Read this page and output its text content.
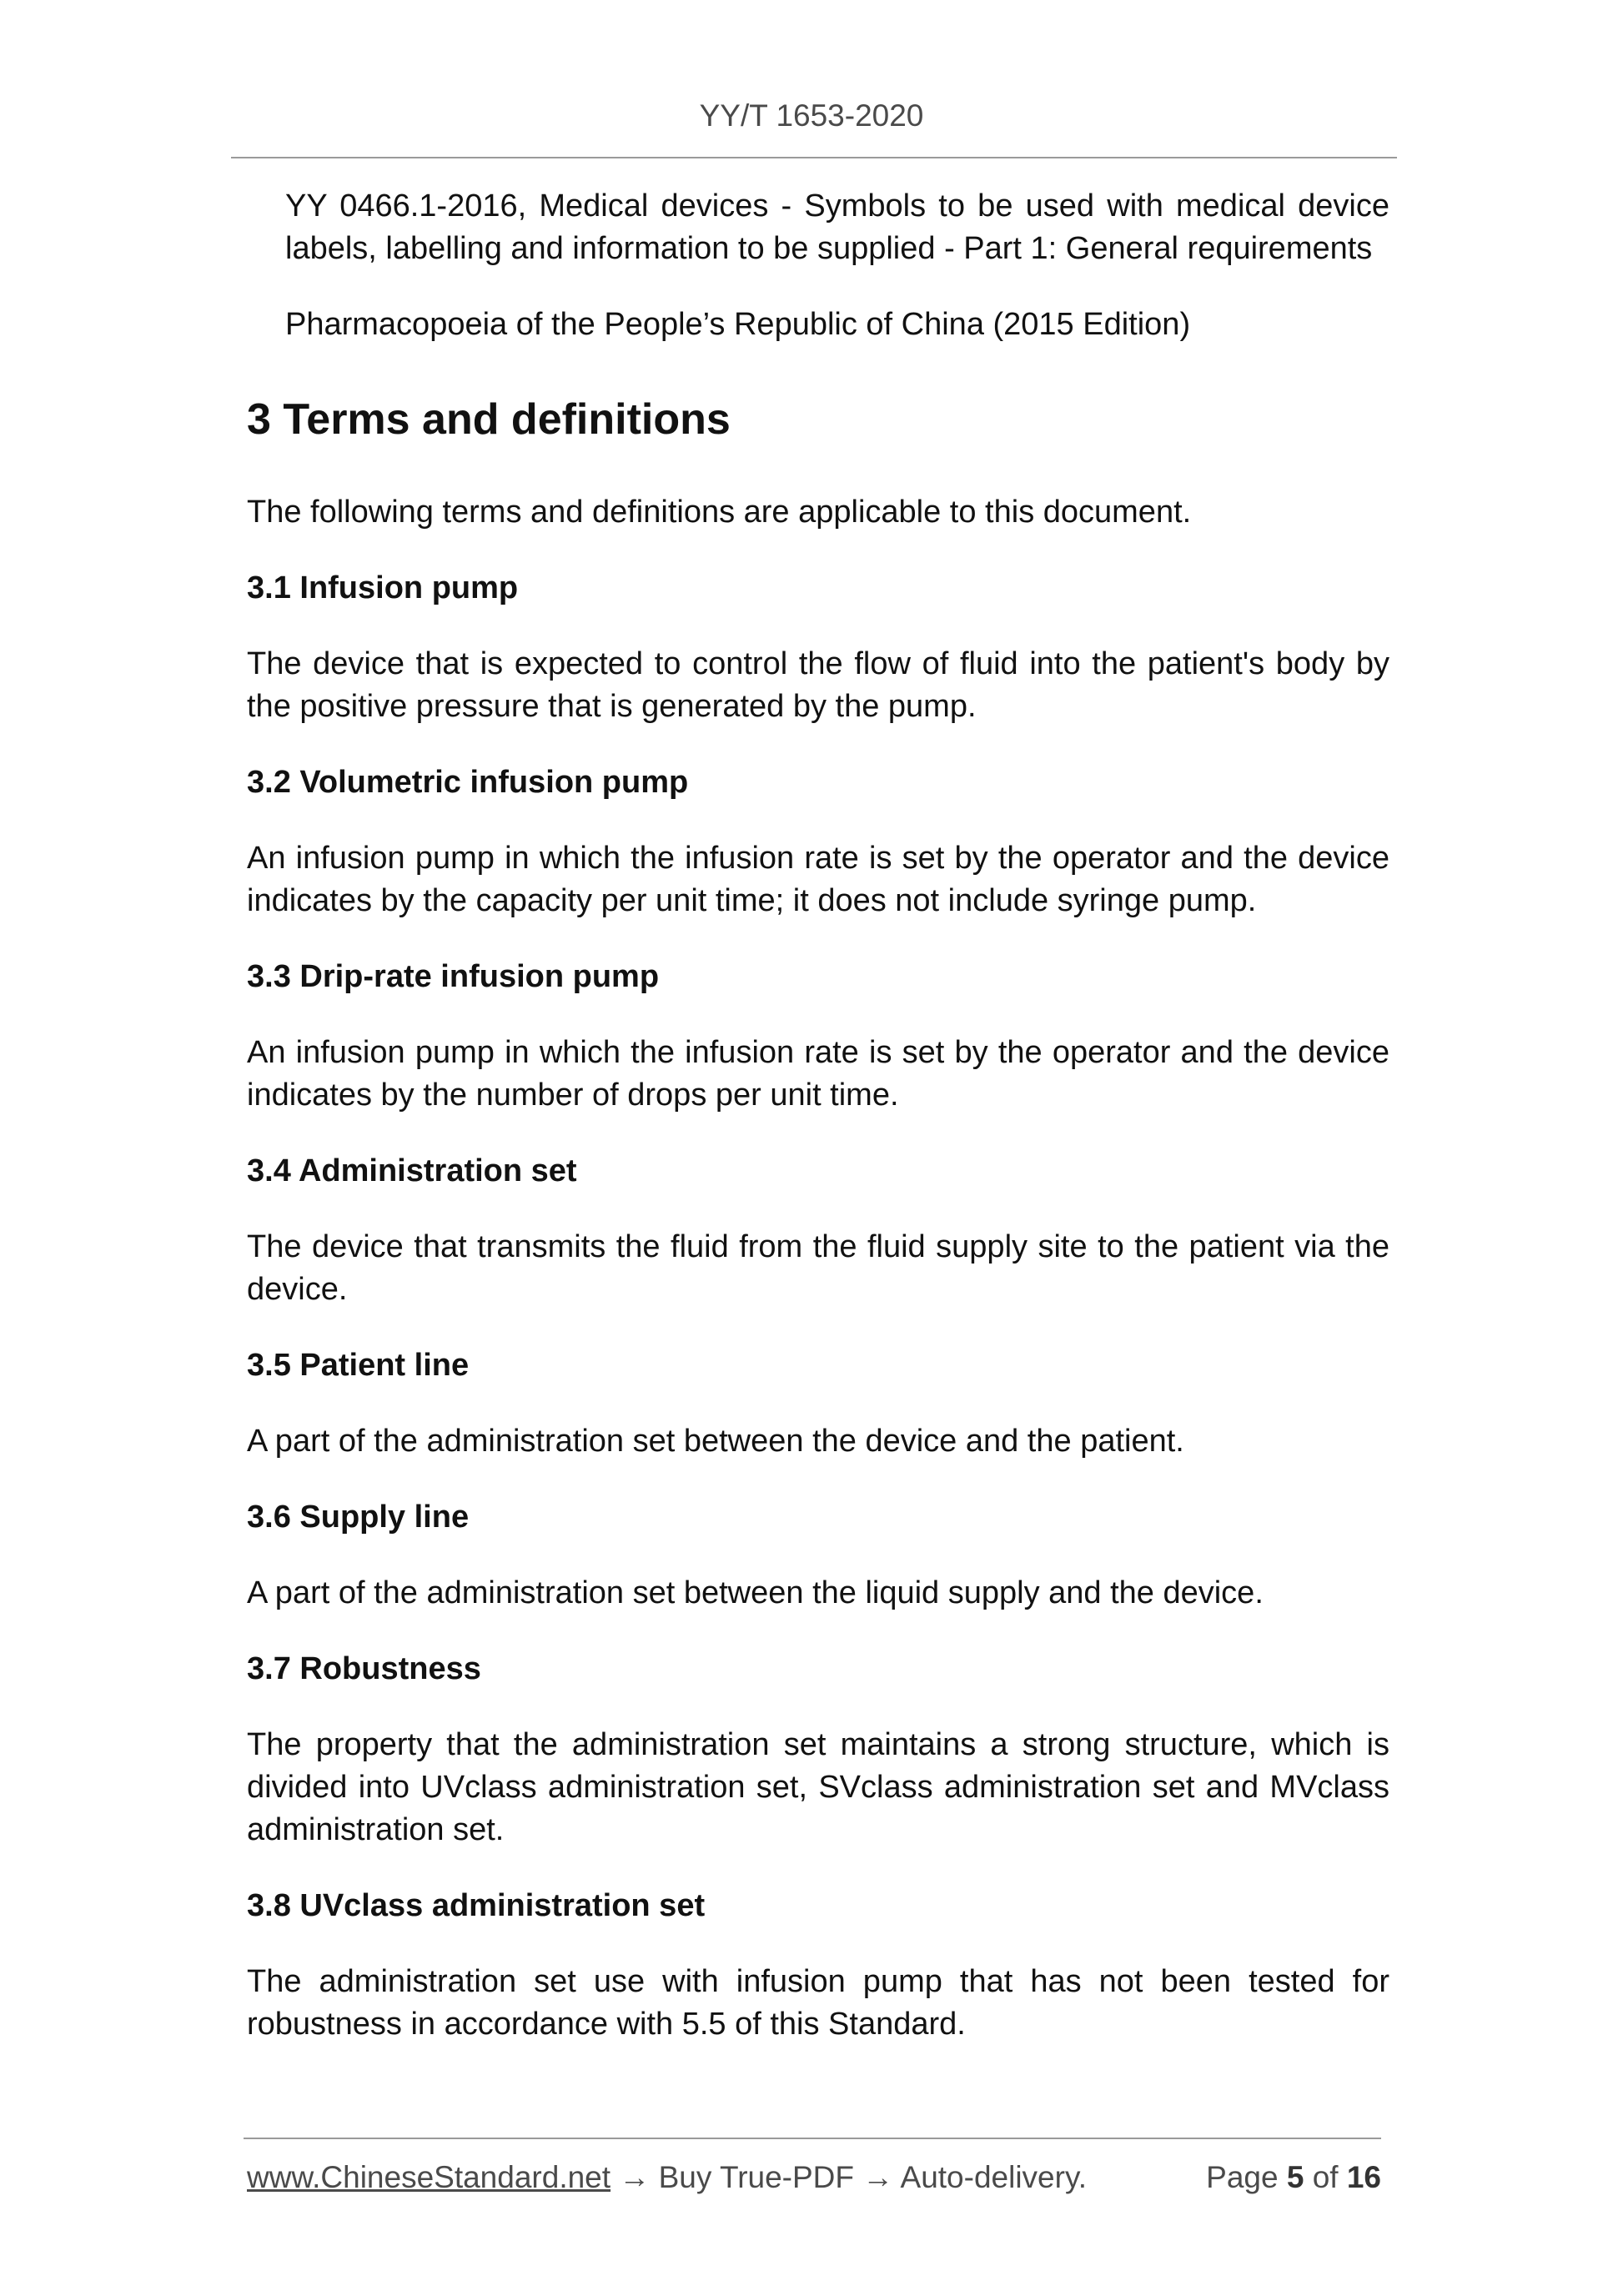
YY/T 1653-2020
YY 0466.1-2016, Medical devices - Symbols to be used with medical device labels, labelling and information to be supplied - Part 1: General requirements
Pharmacopoeia of the People’s Republic of China (2015 Edition)
3 Terms and definitions

The following terms and definitions are applicable to this document.

3.1 Infusion pump

The device that is expected to control the flow of fluid into the patient's body by the positive pressure that is generated by the pump.

3.2 Volumetric infusion pump

An infusion pump in which the infusion rate is set by the operator and the device indicates by the capacity per unit time; it does not include syringe pump.

3.3 Drip-rate infusion pump

An infusion pump in which the infusion rate is set by the operator and the device indicates by the number of drops per unit time.

3.4 Administration set

The device that transmits the fluid from the fluid supply site to the patient via the device.

3.5 Patient line

A part of the administration set between the device and the patient.

3.6 Supply line

A part of the administration set between the liquid supply and the device.

3.7 Robustness

The property that the administration set maintains a strong structure, which is divided into UVclass administration set, SVclass administration set and MVclass administration set.

3.8 UVclass administration set

The administration set use with infusion pump that has not been tested for robustness in accordance with 5.5 of this Standard.

www.ChineseStandard.net → Buy True-PDF → Auto-delivery.	Page 5 of 16
